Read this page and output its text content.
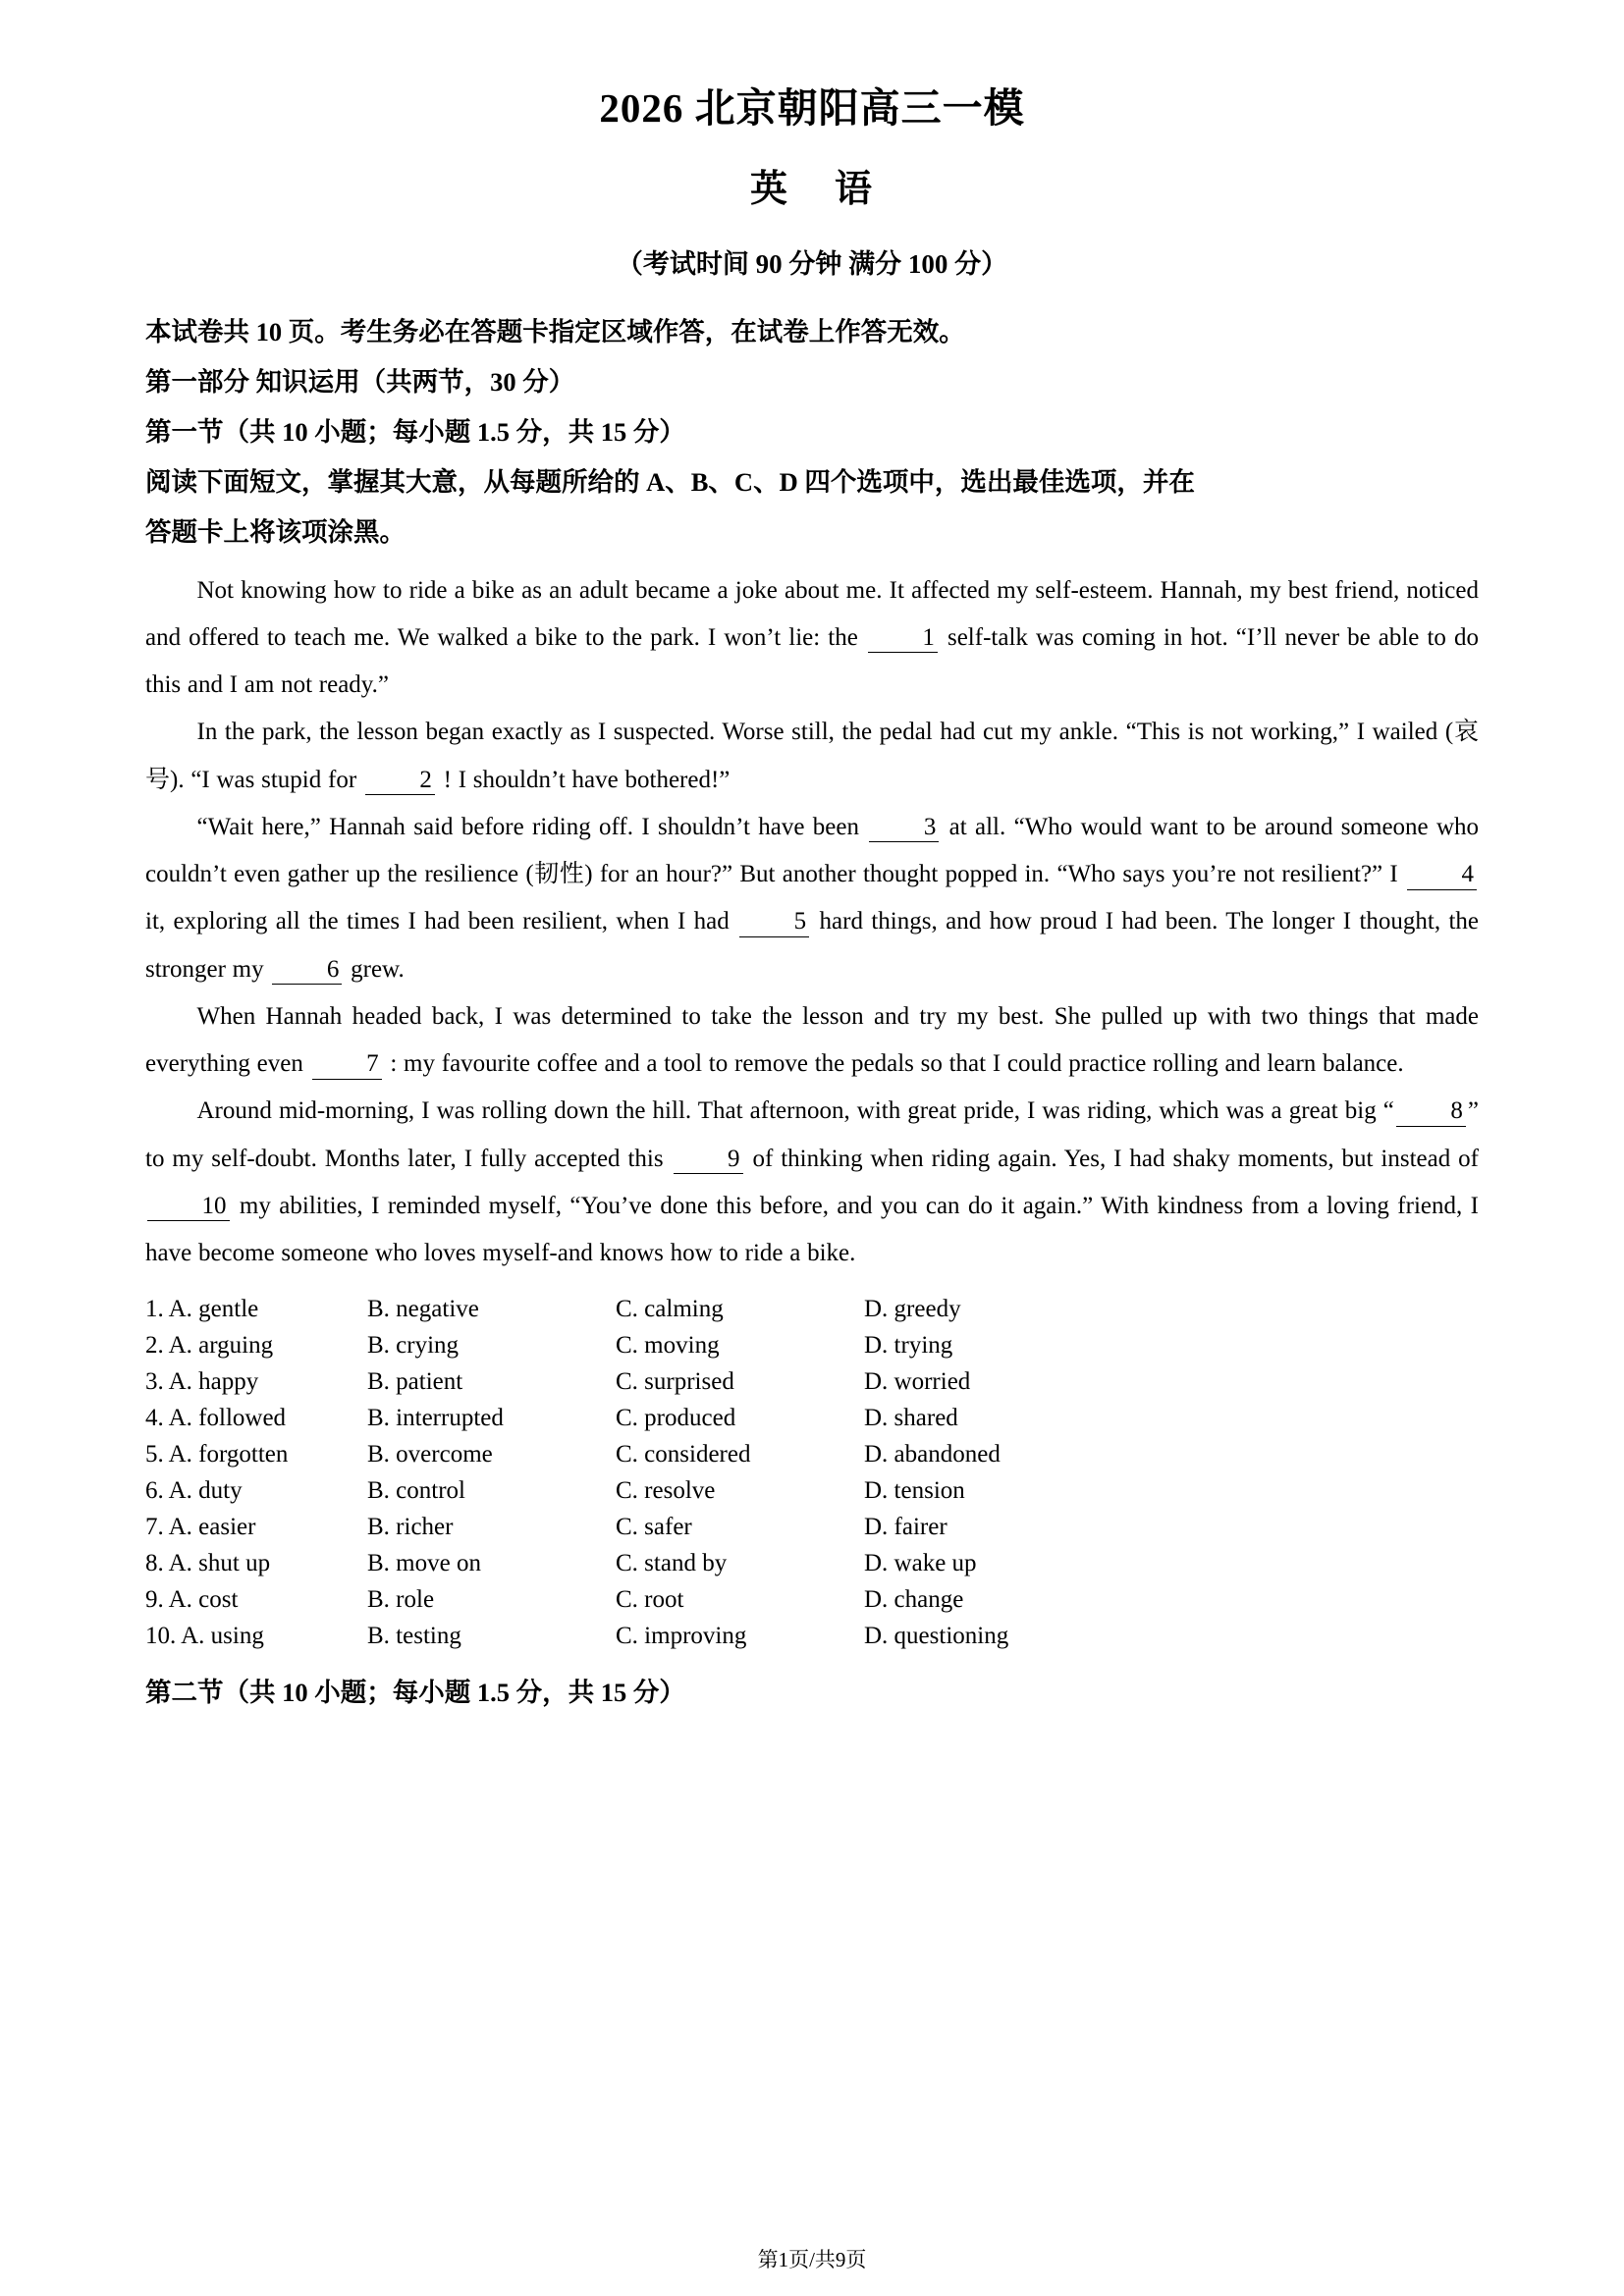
2026 北京朝阳高三一模
英 语
（考试时间 90 分钟 满分 100 分）
本试卷共 10 页。考生务必在答题卡指定区域作答，在试卷上作答无效。
第一部分 知识运用（共两节，30 分）
第一节（共 10 小题；每小题 1.5 分，共 15 分）
阅读下面短文，掌握其大意，从每题所给的 A、B、C、D 四个选项中，选出最佳选项，并在
答题卡上将该项涂黑。

Not knowing how to ride a bike as an adult became a joke about me. It affected my self-esteem. Hannah, my best friend, noticed and offered to teach me. We walked a bike to the park. I won’t lie: the	1 self-talk was coming in hot. “I’ll never be able to do this and I am not ready.”

In the park, the lesson began exactly as I suspected. Worse still, the pedal had cut my ankle. “This is not working,” I wailed (哀号). “I was stupid for	2 ! I shouldn’t have bothered!”

“Wait here,” Hannah said before riding off. I shouldn’t have been	3 at all. “Who would want to be around someone who couldn’t even gather up the resilience (韧性) for an hour?” But another thought popped in. “Who says you’re not resilient?” I	4 it, exploring all the times I had been resilient, when I had	5 hard things, and how proud I had been. The longer I thought, the stronger my	6 grew.

When Hannah headed back, I was determined to take the lesson and try my best. She pulled up with two things that made everything even	7 : my favourite coffee and a tool to remove the pedals so that I could practice rolling and learn balance.

Around mid-morning, I was rolling down the hill. That afternoon, with great pride, I was riding, which was a great big “ 8 ” to my self-doubt. Months later, I fully accepted this	9 of thinking when riding again. Yes, I had shaky moments, but instead of 10 my abilities, I reminded myself, “You’ve done this before, and you can do it again.” With kindness from a loving friend, I have become someone who loves myself-and knows how to ride a bike.

1. A. gentle	B. negative	C. calming	D. greedy
2. A. arguing	B. crying	C. moving	D. trying
3. A. happy	B. patient	C. surprised	D. worried
4. A. followed	B. interrupted	C. produced	D. shared
5. A. forgotten	B. overcome	C. considered	D. abandoned
6. A. duty	B. control	C. resolve	D. tension
7. A. easier	B. richer	C. safer	D. fairer
8. A. shut up	B. move on	C. stand by	D. wake up
9. A. cost	B. role	C. root	D. change
10. A. using	B. testing	C. improving	D. questioning
第二节（共 10 小题；每小题 1.5 分，共 15 分）
第1页/共9页
